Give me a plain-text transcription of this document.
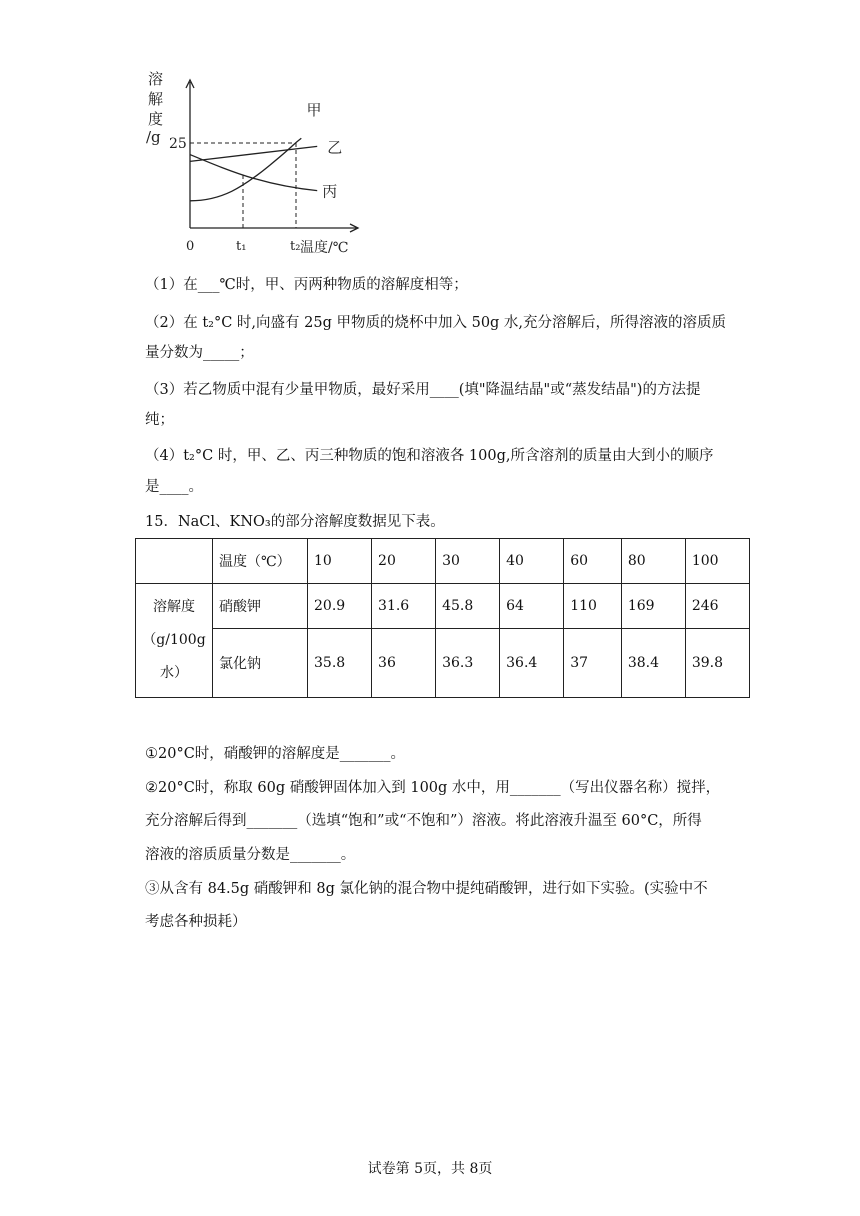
溶
解
度
/g 25
0	t₁	t₂ 温度/℃
甲
乙
丙
（1）在___℃时，甲、丙两种物质的溶解度相等；
（2）在 t₂°C 时,向盛有 25g 甲物质的烧杯中加入 50g 水,充分溶解后，所得溶液的溶质质
量分数为_____；
（3）若乙物质中混有少量甲物质，最好采用____(填"降温结晶"或“蒸发结晶")的方法提
纯；
（4）t₂°C 时，甲、乙、丙三种物质的饱和溶液各 100g,所含溶剂的质量由大到小的顺序
是____。
15．NaCl、KNO₃的部分溶解度数据见下表。
	温度（℃）	10	20	30	40	60	80	100

溶解度
（g/100g
水）	硝酸钾	20.9	31.6	45.8	64	110	169	246
	氯化钠	35.8	36	36.3	36.4	37	38.4	39.8
①20°C时，硝酸钾的溶解度是_______。
②20°C时，称取 60g 硝酸钾固体加入到 100g 水中，用_______（写出仪器名称）搅拌，
充分溶解后得到_______（选填“饱和”或“不饱和”）溶液。将此溶液升温至 60°C，所得
溶液的溶质质量分数是_______。
③从含有 84.5g 硝酸钾和 8g 氯化钠的混合物中提纯硝酸钾，进行如下实验。(实验中不
考虑各种损耗）
试卷第 5页，共 8页
